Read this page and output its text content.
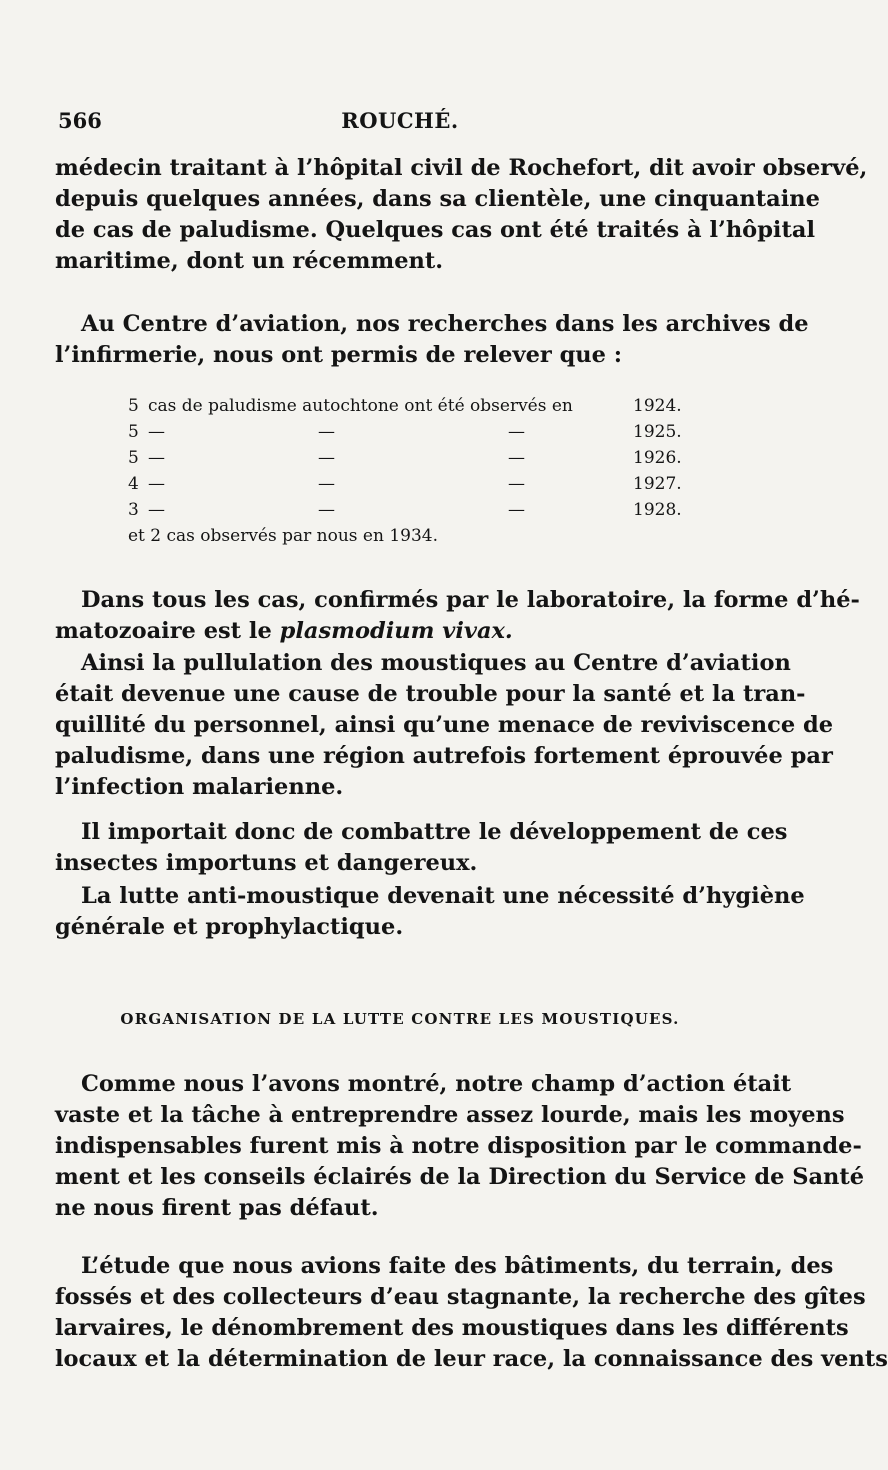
566	ROUCHÉ.
médecin traitant à l’hôpital civil de Rochefort, dit avoir observé,
depuis quelques années, dans sa clientèle, une cinquantaine
de cas de paludisme. Quelques cas ont été traités à l’hôpital
maritime, dont un récemment.
Au Centre d’aviation, nos recherches dans les archives de
l’infirmerie, nous ont permis de relever que :
5 cas de paludisme autochtone ont été observés en	1924.
5 —	—	—	1925.
5 —	—	—	1926.
4 —	—	—	1927.
3 —	—	—	1928.
et 2 cas observés par nous en 1934.
Dans tous les cas, confirmés par le laboratoire, la forme d’hé-
matozoaire est le plasmodium vivax.
Ainsi la pullulation des moustiques au Centre d’aviation
était devenue une cause de trouble pour la santé et la tran-
quillité du personnel, ainsi qu’une menace de reviviscence de
paludisme, dans une région autrefois fortement éprouvée par
l’infection malarienne.
Il importait donc de combattre le développement de ces
insectes importuns et dangereux.
La lutte anti-moustique devenait une nécessité d’hygiène
générale et prophylactique.
ORGANISATION DE LA LUTTE CONTRE LES MOUSTIQUES.
Comme nous l’avons montré, notre champ d’action était
vaste et la tâche à entreprendre assez lourde, mais les moyens
indispensables furent mis à notre disposition par le commande-
ment et les conseils éclairés de la Direction du Service de Santé
ne nous firent pas défaut.
L’étude que nous avions faite des bâtiments, du terrain, des
fossés et des collecteurs d’eau stagnante, la recherche des gîtes
larvaires, le dénombrement des moustiques dans les différents
locaux et la détermination de leur race, la connaissance des vents
